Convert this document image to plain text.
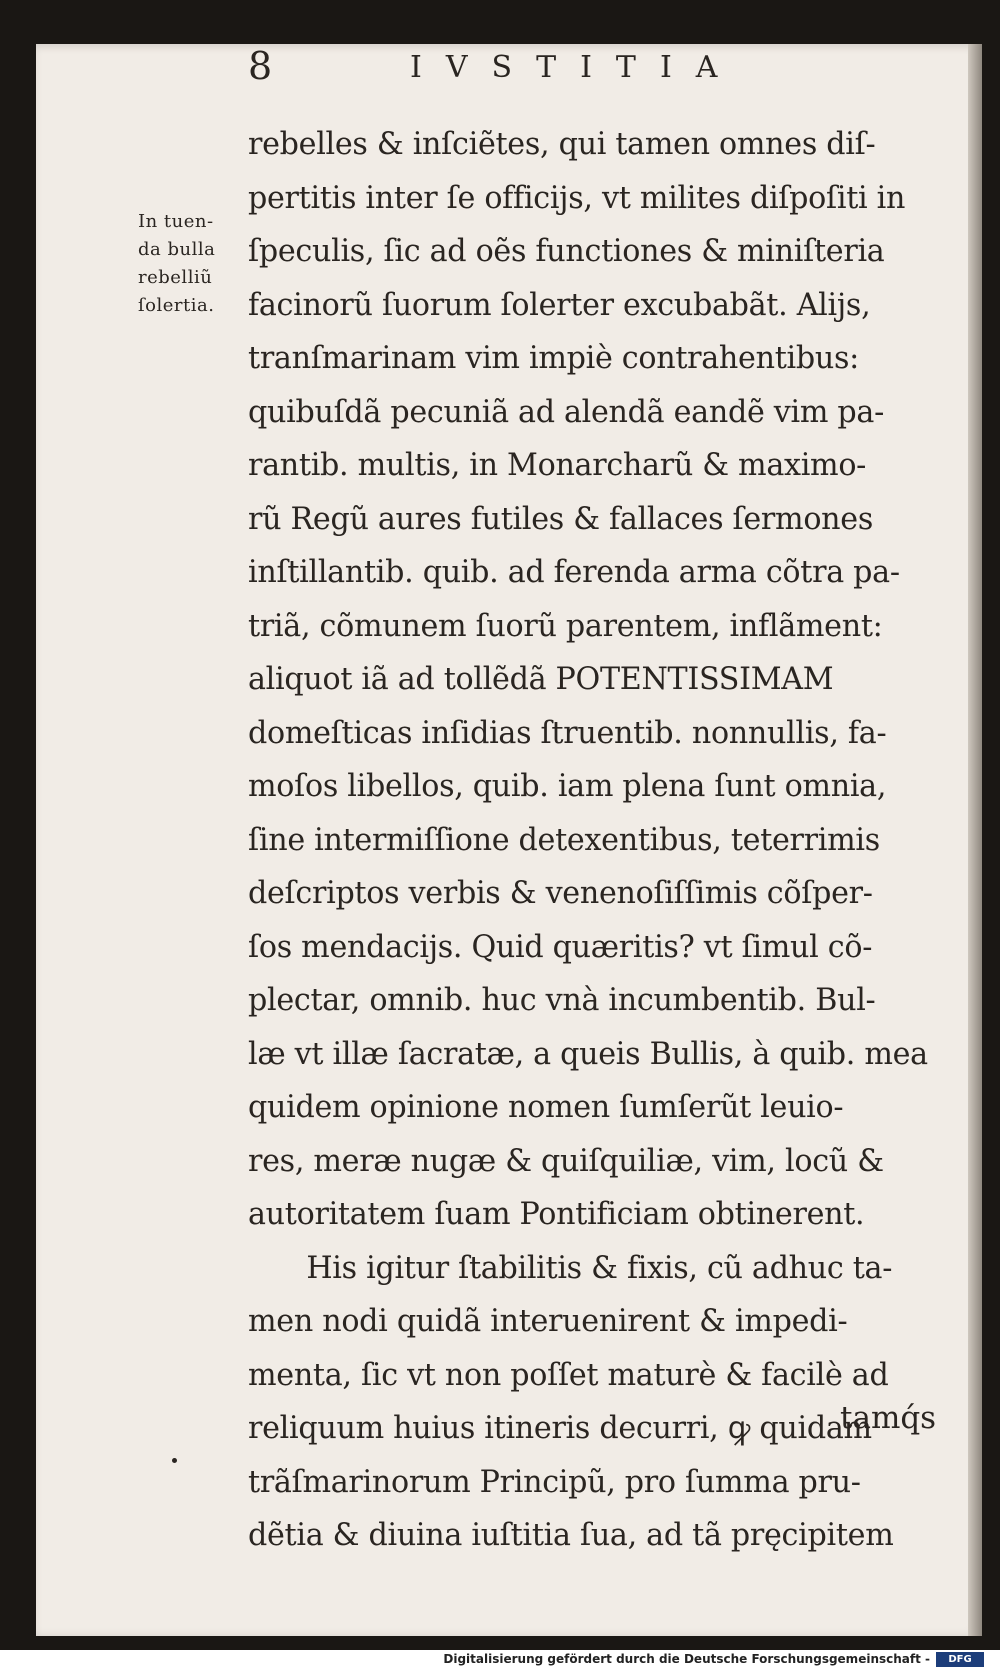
8	IVSTITIA
In tuen-
da bulla
rebelliũ
ſolertia.
rebelles & inſciẽtes, qui tamen omnes diſ-
pertitis inter ſe officijs, vt milites diſpoſiti in
ſpeculis, ſic ad oẽs functiones & miniſteria
facinorũ ſuorum ſolerter excubabãt. Alijs,
tranſmarinam vim impiè contrahentibus:
quibuſdã pecuniã ad alendã eandẽ vim pa-
rantib. multis, in Monarcharũ & maximo-
rũ Regũ aures futiles & fallaces ſermones
inſtillantib. quib. ad ferenda arma cõtra pa-
triã, cõmunem ſuorũ parentem, inflãment:
aliquot iã ad tollẽdã POTENTISSIMAM
domeſticas inſidias ſtruentib. nonnullis, fa-
moſos libellos, quib. iam plena ſunt omnia,
ſine intermiſſione detexentibus, teterrimis
deſcriptos verbis & venenoſiſſimis cõſper-
ſos mendacijs. Quid quæritis? vt ſimul cõ-
plectar, omnib. huc vnà incumbentib. Bul-
læ vt illæ ſacratæ, a queis Bullis, à quib. mea
quidem opinione nomen ſumſerũt leuio-
res, meræ nugæ & quiſquiliæ, vim, locũ &
autoritatem ſuam Pontificiam obtinerent.
His igitur ſtabilitis & fixis, cũ adhuc ta-
men nodi quidã interuenirent & impedi-
menta, ſic vt non poſſet maturè & facilè ad
reliquum huius itineris decurri, ꝙ quidam
trãſmarinorum Principũ, pro ſumma pru-
dẽtia & diuina iuſtitia ſua, ad tã pręcipitem
tamq́s
Digitalisierung gefördert durch die Deutsche Forschungsgemeinschaft -	DFG
